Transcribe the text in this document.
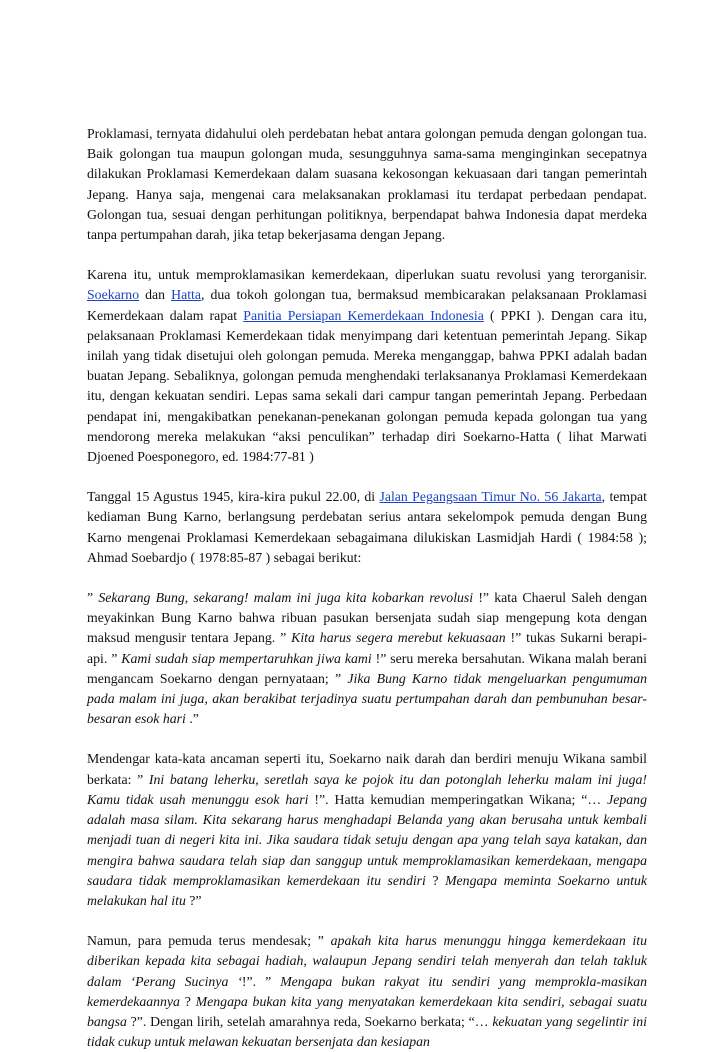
Proklamasi, ternyata didahului oleh perdebatan hebat antara golongan pemuda dengan golongan tua. Baik golongan tua maupun golongan muda, sesungguhnya sama-sama menginginkan secepatnya dilakukan Proklamasi Kemerdekaan dalam suasana kekosongan kekuasaan dari tangan pemerintah Jepang. Hanya saja, mengenai cara melaksanakan proklamasi itu terdapat perbedaan pendapat. Golongan tua, sesuai dengan perhitungan politiknya, berpendapat bahwa Indonesia dapat merdeka tanpa pertumpahan darah, jika tetap bekerjasama dengan Jepang.

Karena itu, untuk memproklamasikan kemerdekaan, diperlukan suatu revolusi yang terorganisir. Soekarno dan Hatta, dua tokoh golongan tua, bermaksud membicarakan pelaksanaan Proklamasi Kemerdekaan dalam rapat Panitia Persiapan Kemerdekaan Indonesia ( PPKI ). Dengan cara itu, pelaksanaan Proklamasi Kemerdekaan tidak menyimpang dari ketentuan pemerintah Jepang. Sikap inilah yang tidak disetujui oleh golongan pemuda. Mereka menganggap, bahwa PPKI adalah badan buatan Jepang. Sebaliknya, golongan pemuda menghendaki terlaksananya Proklamasi Kemerdekaan itu, dengan kekuatan sendiri. Lepas sama sekali dari campur tangan pemerintah Jepang. Perbedaan pendapat ini, mengakibatkan penekanan-penekanan golongan pemuda kepada golongan tua yang mendorong mereka melakukan “aksi penculikan” terhadap diri Soekarno-Hatta ( lihat Marwati Djoened Poesponegoro, ed. 1984:77-81 )

Tanggal 15 Agustus 1945, kira-kira pukul 22.00, di Jalan Pegangsaan Timur No. 56 Jakarta, tempat kediaman Bung Karno, berlangsung perdebatan serius antara sekelompok pemuda dengan Bung Karno mengenai Proklamasi Kemerdekaan sebagaimana dilukiskan Lasmidjah Hardi ( 1984:58 ); Ahmad Soebardjo ( 1978:85-87 ) sebagai berikut:

” Sekarang Bung, sekarang! malam ini juga kita kobarkan revolusi !” kata Chaerul Saleh dengan meyakinkan Bung Karno bahwa ribuan pasukan bersenjata sudah siap mengepung kota dengan maksud mengusir tentara Jepang. ” Kita harus segera merebut kekuasaan !” tukas Sukarni berapi-api. ” Kami sudah siap mempertaruhkan jiwa kami !” seru mereka bersahutan. Wikana malah berani mengancam Soekarno dengan pernyataan; ” Jika Bung Karno tidak mengeluarkan pengumuman pada malam ini juga, akan berakibat terjadinya suatu pertumpahan darah dan pembunuhan besar-besaran esok hari .”

Mendengar kata-kata ancaman seperti itu, Soekarno naik darah dan berdiri menuju Wikana sambil berkata: ” Ini batang leherku, seretlah saya ke pojok itu dan potonglah leherku malam ini juga! Kamu tidak usah menunggu esok hari !”. Hatta kemudian memperingatkan Wikana; “… Jepang adalah masa silam. Kita sekarang harus menghadapi Belanda yang akan berusaha untuk kembali menjadi tuan di negeri kita ini. Jika saudara tidak setuju dengan apa yang telah saya katakan, dan mengira bahwa saudara telah siap dan sanggup untuk memproklamasikan kemerdekaan, mengapa saudara tidak memproklamasikan kemerdekaan itu sendiri ? Mengapa meminta Soekarno untuk melakukan hal itu ?”

Namun, para pemuda terus mendesak; ” apakah kita harus menunggu hingga kemerdekaan itu diberikan kepada kita sebagai hadiah, walaupun Jepang sendiri telah menyerah dan telah takluk dalam ‘Perang Sucinya ‘!”. ” Mengapa bukan rakyat itu sendiri yang memprokla-masikan kemerdekaannya ? Mengapa bukan kita yang menyatakan kemerdekaan kita sendiri, sebagai suatu bangsa ?”. Dengan lirih, setelah amarahnya reda, Soekarno berkata; “… kekuatan yang segelintir ini tidak cukup untuk melawan kekuatan bersenjata dan kesiapan
